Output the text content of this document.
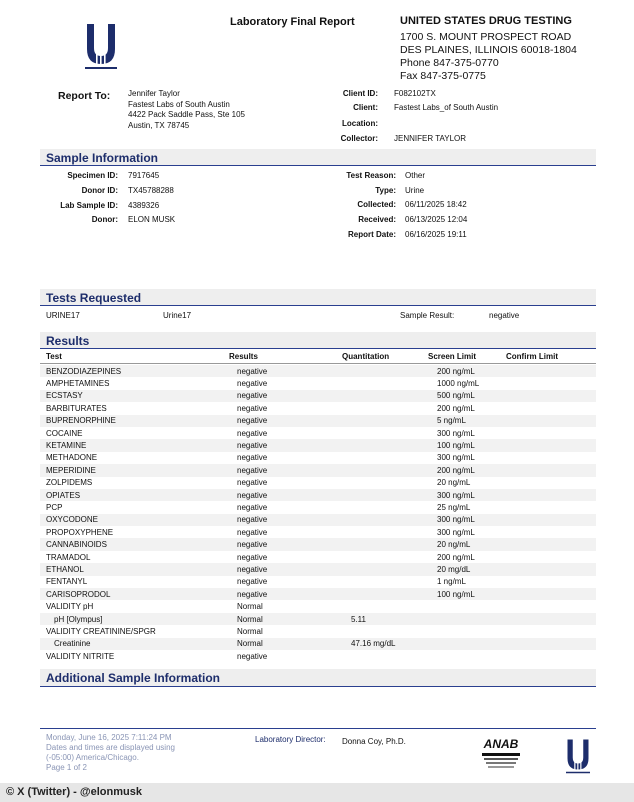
Laboratory Final Report	UNITED STATES DRUG TESTING
1700 S. MOUNT PROSPECT ROAD
DES PLAINES, ILLINOIS 60018-1804
Phone 847-375-0770
Fax 847-375-0775
Report To: Jennifer Taylor
Fastest Labs of South Austin
4422 Pack Saddle Pass, Ste 105
Austin, TX 78745
Client ID: F082102TX
Client: Fastest Labs_of South Austin
Location:
Collector: JENNIFER TAYLOR
Sample Information
Specimen ID: 7917645
Donor ID: TX45788288
Lab Sample ID: 4389326
Donor: ELON MUSK
Test Reason: Other
Type: Urine
Collected: 06/11/2025 18:42
Received: 06/13/2025 12:04
Report Date: 06/16/2025 19:11
Tests Requested
URINE17	Urine17	Sample Result:	negative
Results
Test	Results	Quantitation	Screen Limit	Confirm Limit
BENZODIAZEPINES	negative		200 ng/mL	
AMPHETAMINES	negative		1000 ng/mL	
ECSTASY	negative		500 ng/mL	
BARBITURATES	negative		200 ng/mL	
BUPRENORPHINE	negative		5 ng/mL	
COCAINE	negative		300 ng/mL	
KETAMINE	negative		100 ng/mL	
METHADONE	negative		300 ng/mL	
MEPERIDINE	negative		200 ng/mL	
ZOLPIDEMS	negative		20 ng/mL	
OPIATES	negative		300 ng/mL	
PCP	negative		25 ng/mL	
OXYCODONE	negative		300 ng/mL	
PROPOXYPHENE	negative		300 ng/mL	
CANNABINOIDS	negative		20 ng/mL	
TRAMADOL	negative		200 ng/mL	
ETHANOL	negative		20 mg/dL	
FENTANYL	negative		1 ng/mL	
CARISOPRODOL	negative		100 ng/mL	
VALIDITY pH	Normal			
pH [Olympus]	Normal	5.11		
VALIDITY CREATININE/SPGR	Normal			
Creatinine	Normal	47.16 mg/dL		
VALIDITY NITRITE	negative			
Additional Sample Information
Monday, June 16, 2025 7:11:24 PM
Dates and times are displayed using
(-05:00) America/Chicago.
Page 1 of 2
Laboratory Director: Donna Coy, Ph.D.	ANAB
© X (Twitter) - @elonmusk
